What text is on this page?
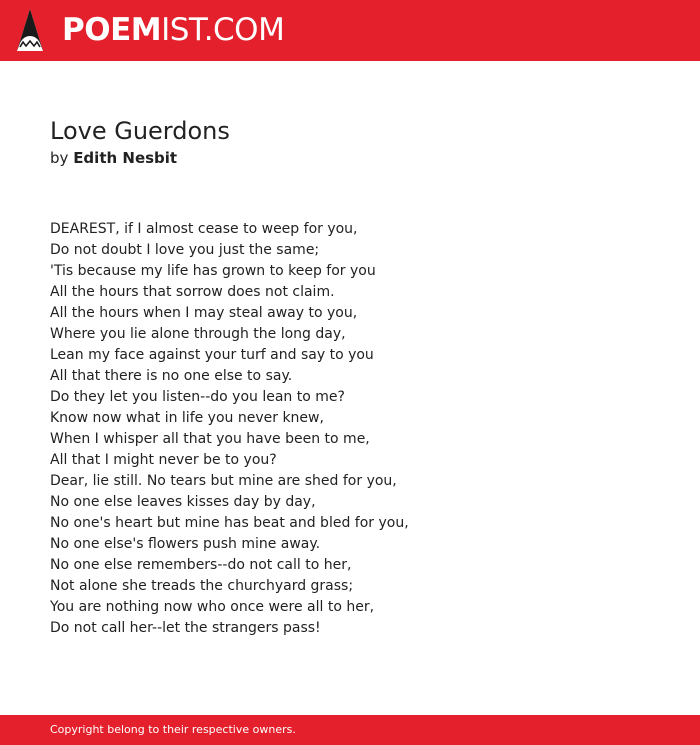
POEMIST.COM
Love Guerdons
by Edith Nesbit
DEAREST, if I almost cease to weep for you,
Do not doubt I love you just the same;
'Tis because my life has grown to keep for you
All the hours that sorrow does not claim.
All the hours when I may steal away to you,
Where you lie alone through the long day,
Lean my face against your turf and say to you
All that there is no one else to say.
Do they let you listen--do you lean to me?
Know now what in life you never knew,
When I whisper all that you have been to me,
All that I might never be to you?
Dear, lie still. No tears but mine are shed for you,
No one else leaves kisses day by day,
No one's heart but mine has beat and bled for you,
No one else's flowers push mine away.
No one else remembers--do not call to her,
Not alone she treads the churchyard grass;
You are nothing now who once were all to her,
Do not call her--let the strangers pass!
Copyright belong to their respective owners.
